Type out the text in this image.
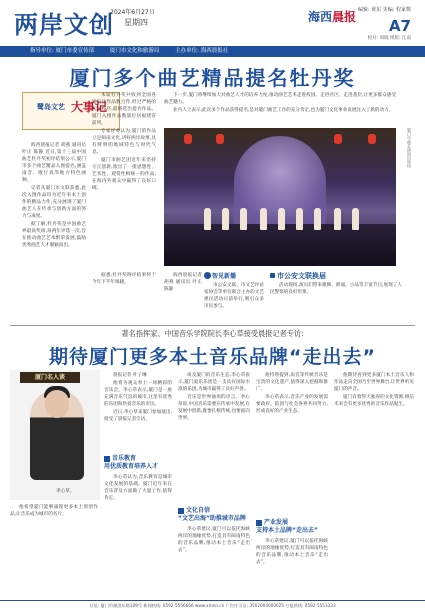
两岸文创
2024年6月27日
星期四	海西晨报 编辑: 黄东 美编: 程家棋
A7
校对: 周晓 组版: 江南
指导单位: 厦门市委宣传部	厦门市文化和旅游局	主办单位: 海西晨报社
厦门多个曲艺精品提名牡丹奖
鹭岛文艺 大事记

海西晨报记者 胡燕 通讯员 叶正 陈静 近日,第十三届中国曲艺牡丹奖初评结果公示,厦门市多个曲艺精品入围提名,涵盖南音、歌仔戏等地方特色曲种。

记者从厦门市文联获悉,此次入围作品均为近年来本土创作的精品力作,充分展现了厦门曲艺人在传承与创新方面的努力与成果。

据了解,牡丹奖是中国曲艺界最高奖项,每两年评选一次,旨在推动曲艺艺术繁荣发展,鼓励优秀曲艺人才脱颖而出。

本届牡丹奖共收到全国各地报送作品数百件,经过严格的初评程序,最终选出提名作品。厦门入围作品数量位居福建省前列。

专家评委认为,厦门的作品立足闽南文化,讲好两岸故事,具有鲜明的地域特色与时代气息。

厦门市曲艺团近年来坚持守正创新,推出了一批思想性、艺术性、观赏性相统一的作品,在海内外观众中赢得了良好口碑。

下一步,厦门将继续加大对曲艺人才的培养力度,推动曲艺艺术走进校园、走进社区、走进基层,让更多群众感受曲艺魅力。

业内人士表示,此次多个作品获得提名,是对厦门曲艺工作的充分肯定,也为厦门文化事业发展注入了新的动力。

厦门市曲艺团演出现场

据悉,牡丹奖终评结果将于今年下半年揭晓。

海西晨报记者 胡燕 通讯员 叶正 陈静

智见新播

市公安文联、市文艺评论家协会等单位联合主办的文艺惠民活动日前举行,吸引众多市民参与。

市公安文联换届

活动现场,演员们带来歌舞、朗诵、小品等丰富节目,展现了人民警察的良好形象。

著名指挥家、中国音乐学院院长李心草接受晨报记者专访:
期待厦门更多本土音乐品牌“走出去”
厦门名人谈
李心草。

晨报记者 叶子琳

他将为观众奉上一场精彩的音乐会。李心草表示,厦门是一座充满音乐气息的城市,这里有优秀的乐团和热爱音乐的市民。

近日,李心草来厦门参加演出,接受了晨报记者专访。

音乐教育
用优质教育培养人才

李心草认为,音乐教育是城市文化发展的基础。厦门近年来在音乐普及方面做了大量工作,值得肯定。

他希望厦门能够涌现更多本土原创作品,让音乐成为城市的名片。

谈及厦门的音乐生态,李心草表示,厦门爱乐乐团是一支具有国际水准的乐团,为城市赢得了良好声誉。

音乐是世界通用的语言。李心草说,中国音乐需要在传承中发展,在发展中创新,既要扎根传统,也要面向世界。

文化自信
“文艺出海”助推城市品牌

李心草建议,厦门可以依托海峡两岸的地缘优势,打造具有闽南特色的音乐品牌,推动本土音乐“走出去”。

他特别提到,南音等传统音乐是宝贵的文化遗产,值得深入挖掘和推广。

李心草表示,音乐产业的发展需要政府、院团与社会各界共同努力,形成良好的产业生态。

产业发展
支持本土品牌“走出去”

李心草建议,厦门可以依托海峡两岸的地缘优势,打造具有闽南特色的音乐品牌,推动本土音乐“走出去”。

他期待看到更多厦门本土音乐人和作品走向全国乃至世界舞台,让世界听见厦门的声音。

厦门有着得天独厚的文化资源,相信未来会有更多优秀的音乐作品诞生。

社址: 厦门市湖滨东路109号 新闻热线: 0592-5556666 www.xmnn.cn 广告许可证: 3502004000025 订报热线: 0592-5553333
